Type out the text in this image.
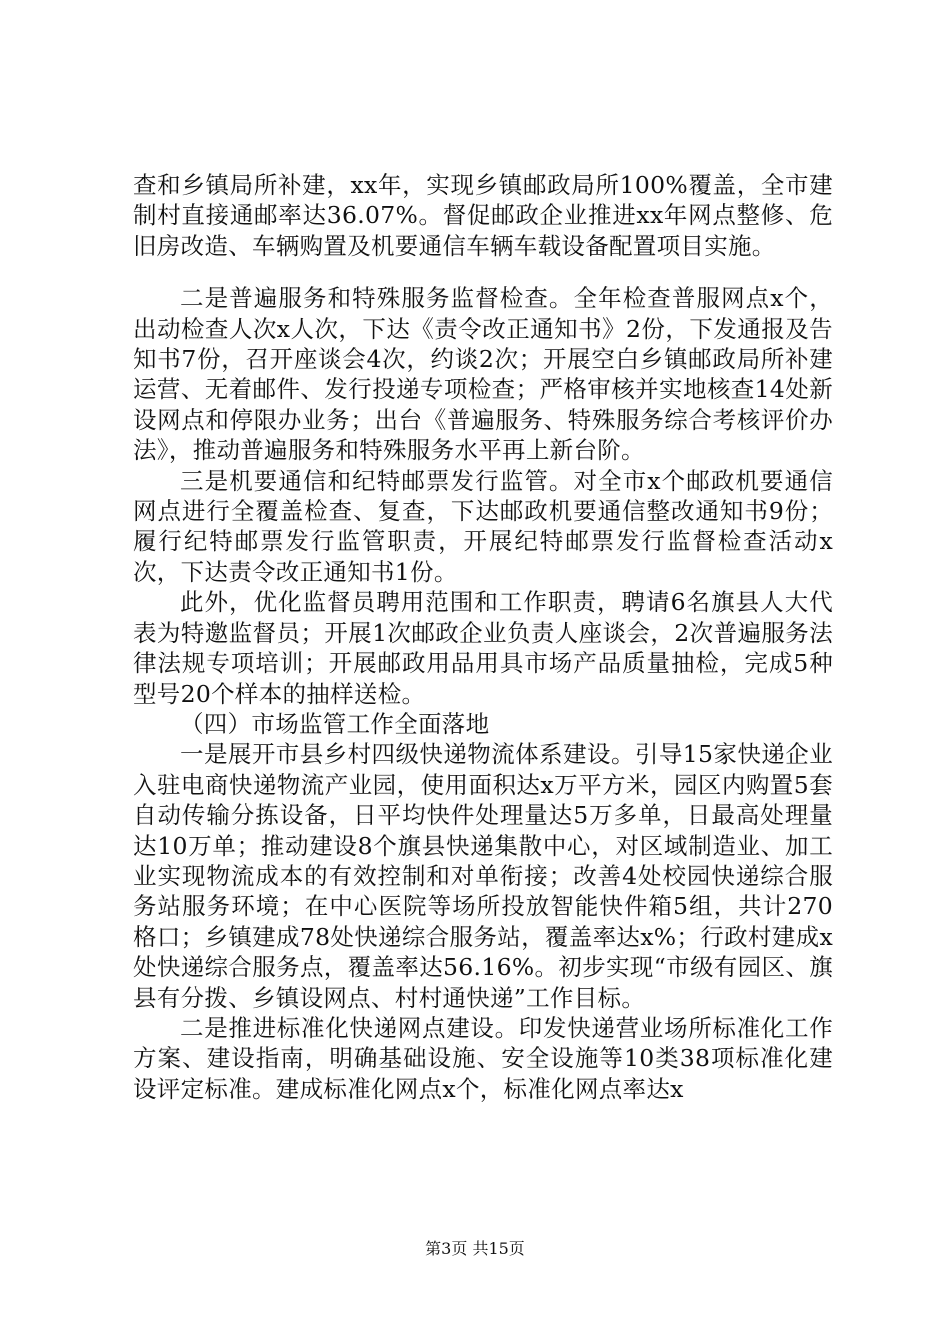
查和乡镇局所补建，xx年，实现乡镇邮政局所100%覆盖，全市建制村直接通邮率达36.07%。督促邮政企业推进xx年网点整修、危旧房改造、车辆购置及机要通信车辆车载设备配置项目实施。

二是普遍服务和特殊服务监督检查。全年检查普服网点x个，出动检查人次x人次，下达《责令改正通知书》2份，下发通报及告知书7份，召开座谈会4次，约谈2次；开展空白乡镇邮政局所补建运营、无着邮件、发行投递专项检查；严格审核并实地核查14处新设网点和停限办业务；出台《普遍服务、特殊服务综合考核评价办法》，推动普遍服务和特殊服务水平再上新台阶。

三是机要通信和纪特邮票发行监管。对全市x个邮政机要通信网点进行全覆盖检查、复查，下达邮政机要通信整改通知书9份；履行纪特邮票发行监管职责，开展纪特邮票发行监督检查活动x次，下达责令改正通知书1份。

此外，优化监督员聘用范围和工作职责，聘请6名旗县人大代表为特邀监督员；开展1次邮政企业负责人座谈会，2次普遍服务法律法规专项培训；开展邮政用品用具市场产品质量抽检，完成5种型号20个样本的抽样送检。

（四）市场监管工作全面落地

一是展开市县乡村四级快递物流体系建设。引导15家快递企业入驻电商快递物流产业园，使用面积达x万平方米，园区内购置5套自动传输分拣设备，日平均快件处理量达5万多单，日最高处理量达10万单；推动建设8个旗县快递集散中心，对区域制造业、加工业实现物流成本的有效控制和对单衔接；改善4处校园快递综合服务站服务环境；在中心医院等场所投放智能快件箱5组，共计270格口；乡镇建成78处快递综合服务站，覆盖率达x%；行政村建成x处快递综合服务点，覆盖率达56.16%。初步实现“市级有园区、旗县有分拨、乡镇设网点、村村通快递”工作目标。

二是推进标准化快递网点建设。印发快递营业场所标准化工作方案、建设指南，明确基础设施、安全设施等10类38项标准化建设评定标准。建成标准化网点x个，标准化网点率达x

第3页 共15页
